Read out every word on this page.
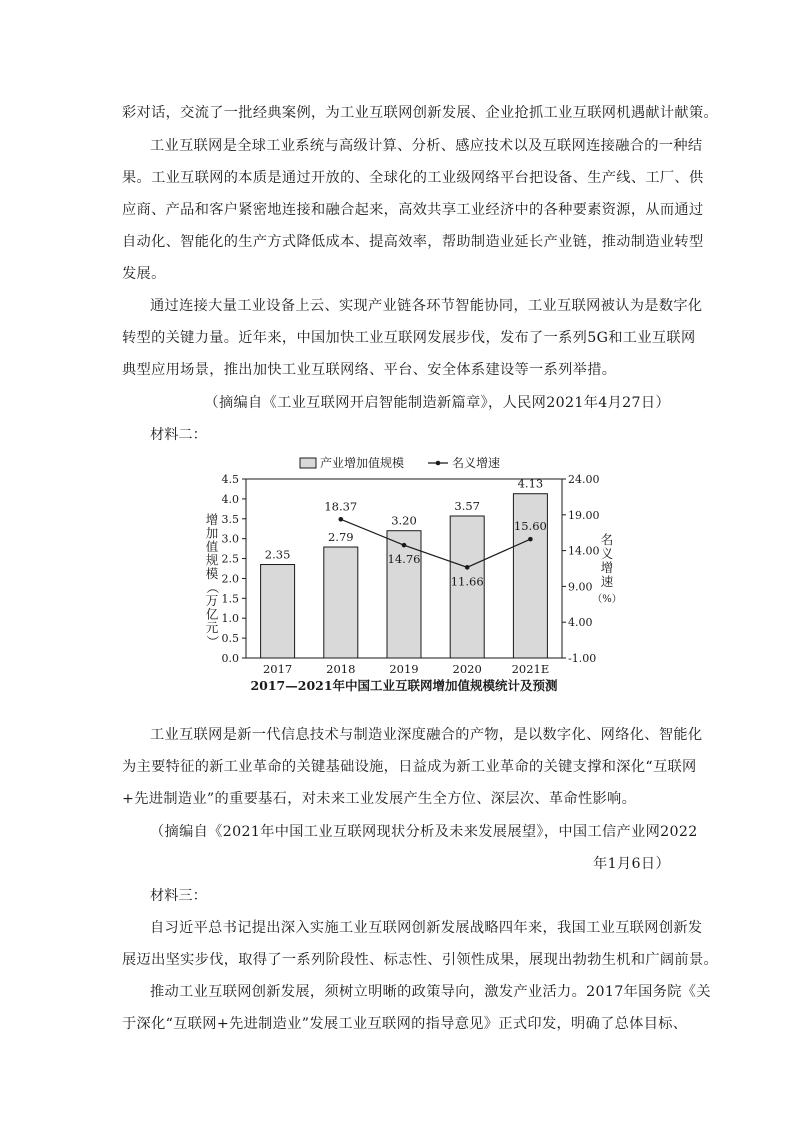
彩对话，交流了一批经典案例，为工业互联网创新发展、企业抢抓工业互联网机遇献计献策。
工业互联网是全球工业系统与高级计算、分析、感应技术以及互联网连接融合的一种结
果。工业互联网的本质是通过开放的、全球化的工业级网络平台把设备、生产线、工厂、供
应商、产品和客户紧密地连接和融合起来，高效共享工业经济中的各种要素资源，从而通过
自动化、智能化的生产方式降低成本、提高效率，帮助制造业延长产业链，推动制造业转型
发展。
通过连接大量工业设备上云、实现产业链各环节智能协同，工业互联网被认为是数字化
转型的关键力量。近年来，中国加快工业互联网发展步伐，发布了一系列5G和工业互联网
典型应用场景，推出加快工业互联网络、平台、安全体系建设等一系列举措。
（摘编自《工业互联网开启智能制造新篇章》，人民网2021年4月27日）
材料二：
0.0
0.5
1.0
1.5
2.0
2.5
3.0
3.5
4.0
4.5
-1.00
4.00
9.00
14.00
19.00
24.00
2.35
2.79
3.20
3.57
4.13
2017	2018	2019	2020	2021E
18.37
14.76
11.66
15.60
产业增加值规模	名义增速
增
加
值
规
模
（
万
亿
元
）
名
义
增
速
（%）
2017—2021年中国工业互联网增加值规模统计及预测
工业互联网是新一代信息技术与制造业深度融合的产物，是以数字化、网络化、智能化
为主要特征的新工业革命的关键基础设施，日益成为新工业革命的关键支撑和深化“互联网
+先进制造业”的重要基石，对未来工业发展产生全方位、深层次、革命性影响。
（摘编自《2021年中国工业互联网现状分析及未来发展展望》，中国工信产业网2022
年1月6日）
材料三：
自习近平总书记提出深入实施工业互联网创新发展战略四年来，我国工业互联网创新发
展迈出坚实步伐，取得了一系列阶段性、标志性、引领性成果，展现出勃勃生机和广阔前景。
推动工业互联网创新发展，须树立明晰的政策导向，激发产业活力。2017年国务院《关
于深化“互联网+先进制造业”发展工业互联网的指导意见》正式印发，明确了总体目标、
